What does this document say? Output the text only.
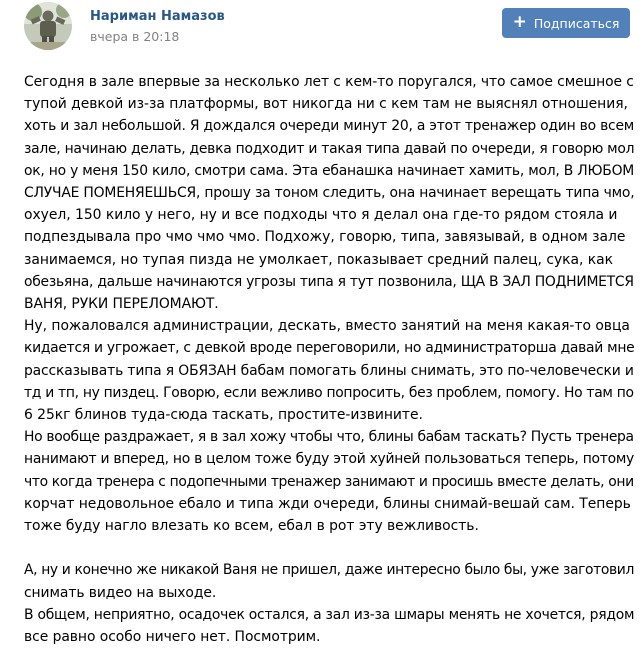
Нариман Намазов
вчера в 20:18
+ Подписаться

Сегодня в зале впервые за несколько лет с кем-то поругался, что самое смешное с

тупой девкой из-за платформы, вот никогда ни с кем там не выяснял отношения,

хоть и зал небольшой. Я дождался очереди минут 20, а этот тренажер один во всем

зале, начинаю делать, девка подходит и такая типа давай по очереди, я говорю мол

ок, но у меня 150 кило, смотри сама. Эта ебанашка начинает хамить, мол, В ЛЮБОМ

СЛУЧАЕ ПОМЕНЯЕШЬСЯ, прошу за тоном следить, она начинает верещать типа чмо,

охуел, 150 кило у него, ну и все подходы что я делал она где-то рядом стояла и

подпездывала про чмо чмо чмо. Подхожу, говорю, типа, завязывай, в одном зале

занимаемся, но тупая пизда не умолкает, показывает средний палец, сука, как

обезьяна, дальше начинаются угрозы типа я тут позвонила, ЩА В ЗАЛ ПОДНИМЕТСЯ

ВАНЯ, РУКИ ПЕРЕЛОМАЮТ.

Ну, пожаловался администрации, дескать, вместо занятий на меня какая-то овца

кидается и угрожает, с девкой вроде переговорили, но администраторша давай мне

рассказывать типа я ОБЯЗАН бабам помогать блины снимать, это по-человечески и

тд и тп, ну пиздец. Говорю, если вежливо попросить, без проблем, помогу. Но там по

6 25кг блинов туда-сюда таскать, простите-извините.

Но вообще раздражает, я в зал хожу чтобы что, блины бабам таскать? Пусть тренера

нанимают и вперед, но в целом тоже буду этой хуйней пользоваться теперь, потому

что когда тренера с подопечными тренажер занимают и просишь вместе делать, они

корчат недовольное ебало и типа жди очереди, блины снимай-вешай сам. Теперь

тоже буду нагло влезать ко всем, ебал в рот эту вежливость.

А, ну и конечно же никакой Ваня не пришел, даже интересно было бы, уже заготовил

снимать видео на выходе.

В общем, неприятно, осадочек остался, а зал из-за шмары менять не хочется, рядом

все равно особо ничего нет. Посмотрим.
